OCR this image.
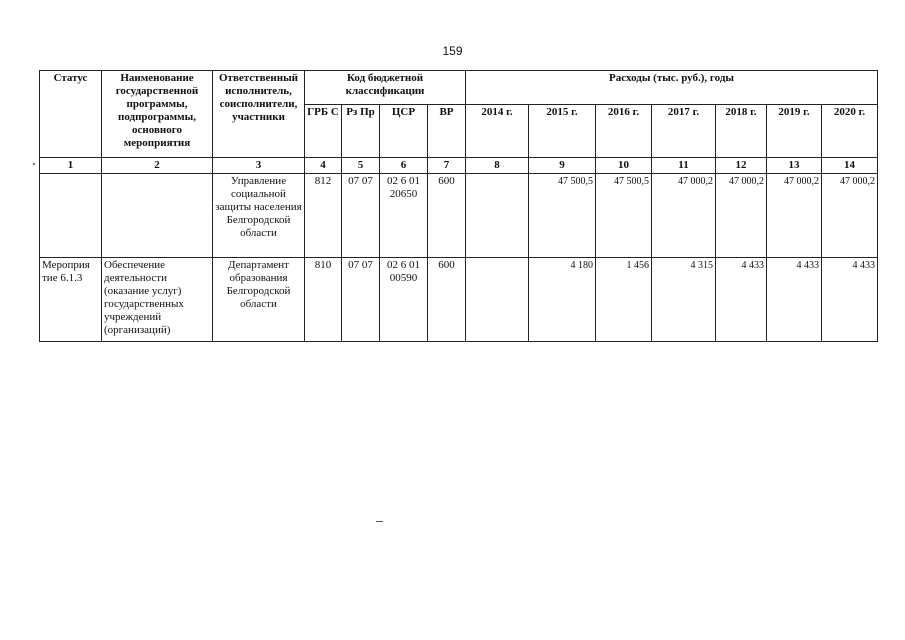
159
Статус	Наименование государственной программы, подпрограммы, основного мероприятия	Ответственный исполнитель, соисполнители, участники	Код бюджетной классификации				Расходы (тыс. руб.), годы						
			ГРБ С	Рз Пр	ЦСР	ВР	2014 г.	2015 г.	2016 г.	2017 г.	2018 г.	2019 г.	2020 г.
1	2	3	4	5	6	7	8	9	10	11	12	13	14
		Управление социальной защиты населения Белгородской области	812	07 07	02 6 01 20650	600		47 500,5	47 500,5	47 000,2	47 000,2	47 000,2	47 000,2
Мероприя тие 6.1.3	Обеспечение деятельности (оказание услуг) государственных учреждений (организаций)	Департамент образования Белгородской области	810	07 07	02 6 01 00590	600		4 180	1 456	4 315	4 433	4 433	4 433
